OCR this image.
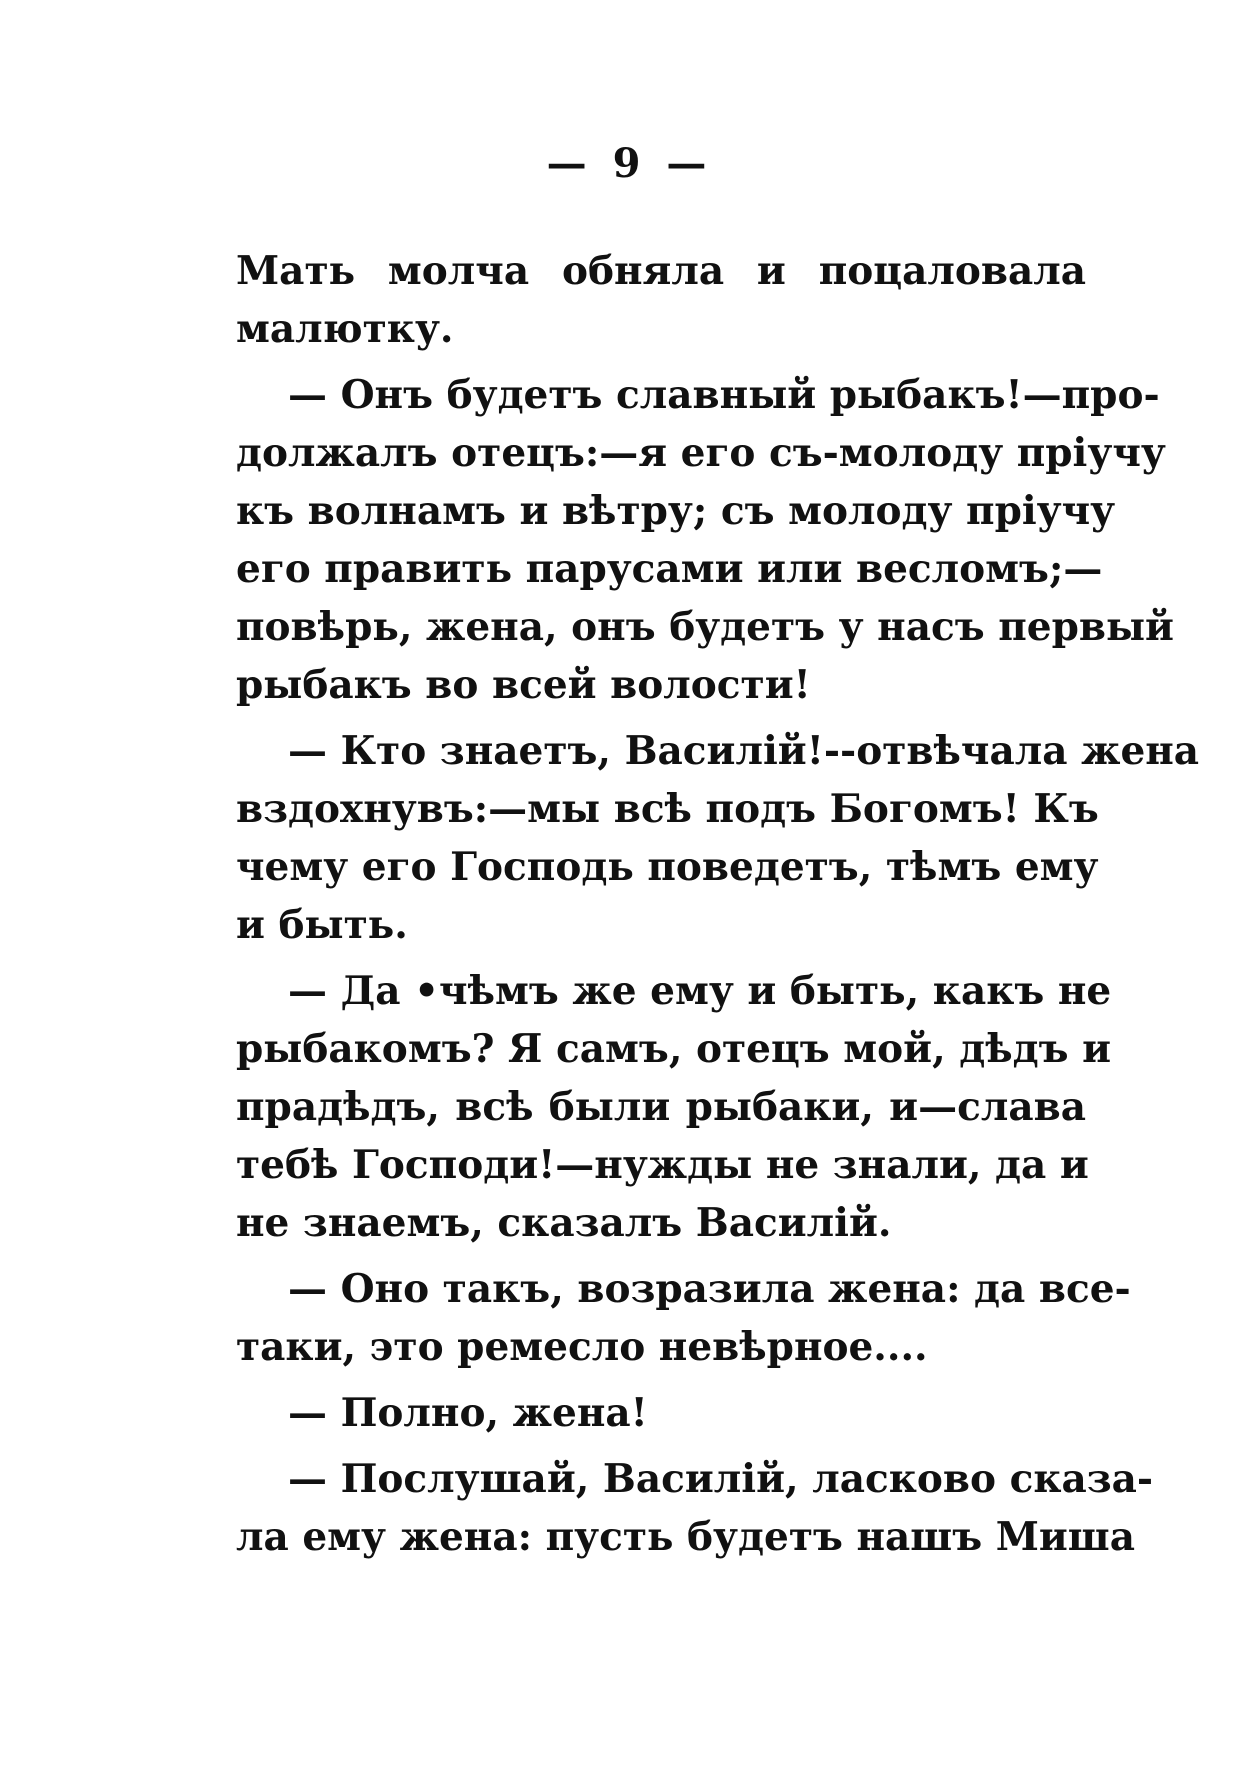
— 9 —
Мать молча обняла и поцаловала
малютку.
— Онъ будетъ славный рыбакъ!—про-
должалъ отецъ:—я его съ-молоду пріучу
къ волнамъ и вѣтру; съ молоду пріучу
его править парусами или весломъ;—
повѣрь, жена, онъ будетъ у насъ первый
рыбакъ во всей волости!
— Кто знаетъ, Василій!--отвѣчала жена
вздохнувъ:—мы всѣ подъ Богомъ! Къ
чему его Господь поведетъ, тѣмъ ему
и быть.
— Да •чѣмъ же ему и быть, какъ не
рыбакомъ? Я самъ, отецъ мой, дѣдъ и
прадѣдъ, всѣ были рыбаки, и—слава
тебѣ Господи!—нужды не знали, да и
не знаемъ, сказалъ Василій.
— Оно такъ, возразила жена: да все-
таки, это ремесло невѣрное....
— Полно, жена!
— Послушай, Василій, ласково сказа-
ла ему жена: пусть будетъ нашъ Миша
